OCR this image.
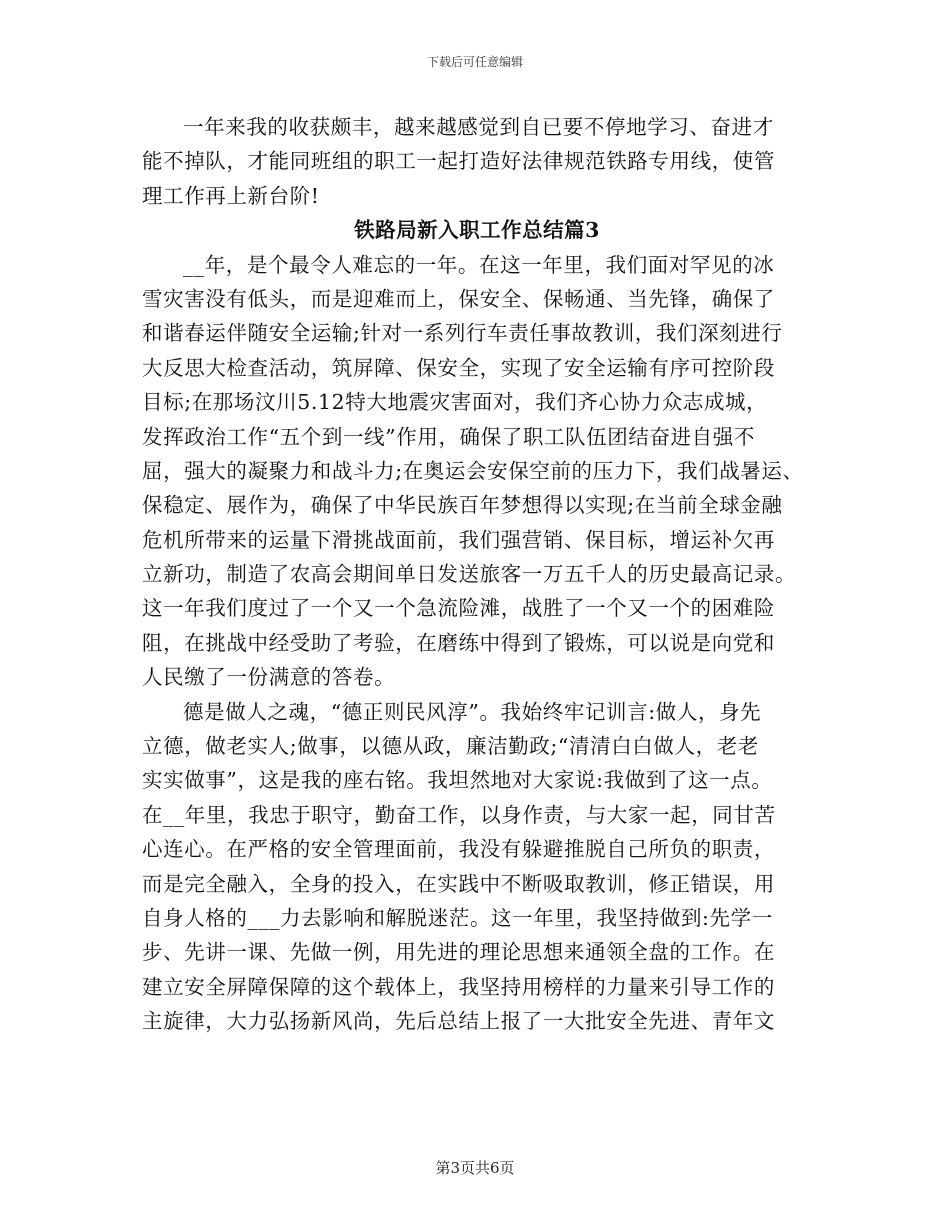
下载后可任意编辑
一年来我的收获颇丰，越来越感觉到自已要不停地学习、奋进才
能不掉队，才能同班组的职工一起打造好法律规范铁路专用线，使管
理工作再上新台阶!
铁路局新入职工作总结篇3
__年，是个最令人难忘的一年。在这一年里，我们面对罕见的冰
雪灾害没有低头，而是迎难而上，保安全、保畅通、当先锋，确保了
和谐春运伴随安全运输;针对一系列行车责任事故教训，我们深刻进行
大反思大检查活动，筑屏障、保安全，实现了安全运输有序可控阶段
目标;在那场汶川5.12特大地震灾害面对，我们齐心协力众志成城，
发挥政治工作“五个到一线”作用，确保了职工队伍团结奋进自强不
屈，强大的凝聚力和战斗力;在奥运会安保空前的压力下，我们战暑运、
保稳定、展作为，确保了中华民族百年梦想得以实现;在当前全球金融
危机所带来的运量下滑挑战面前，我们强营销、保目标，增运补欠再
立新功，制造了农高会期间单日发送旅客一万五千人的历史最高记录。
这一年我们度过了一个又一个急流险滩，战胜了一个又一个的困难险
阻，在挑战中经受助了考验，在磨练中得到了锻炼，可以说是向党和
人民缴了一份满意的答卷。
德是做人之魂，“德正则民风淳”。我始终牢记训言:做人，身先
立德，做老实人;做事，以德从政，廉洁勤政;“清清白白做人，老老
实实做事”，这是我的座右铭。我坦然地对大家说:我做到了这一点。
在__年里，我忠于职守，勤奋工作，以身作责，与大家一起，同甘苦
心连心。在严格的安全管理面前，我没有躲避推脱自己所负的职责，
而是完全融入，全身的投入，在实践中不断吸取教训，修正错误，用
自身人格的___力去影响和解脱迷茫。这一年里，我坚持做到:先学一
步、先讲一课、先做一例，用先进的理论思想来通领全盘的工作。在
建立安全屏障保障的这个载体上，我坚持用榜样的力量来引导工作的
主旋律，大力弘扬新风尚，先后总结上报了一大批安全先进、青年文
第3页共6页
